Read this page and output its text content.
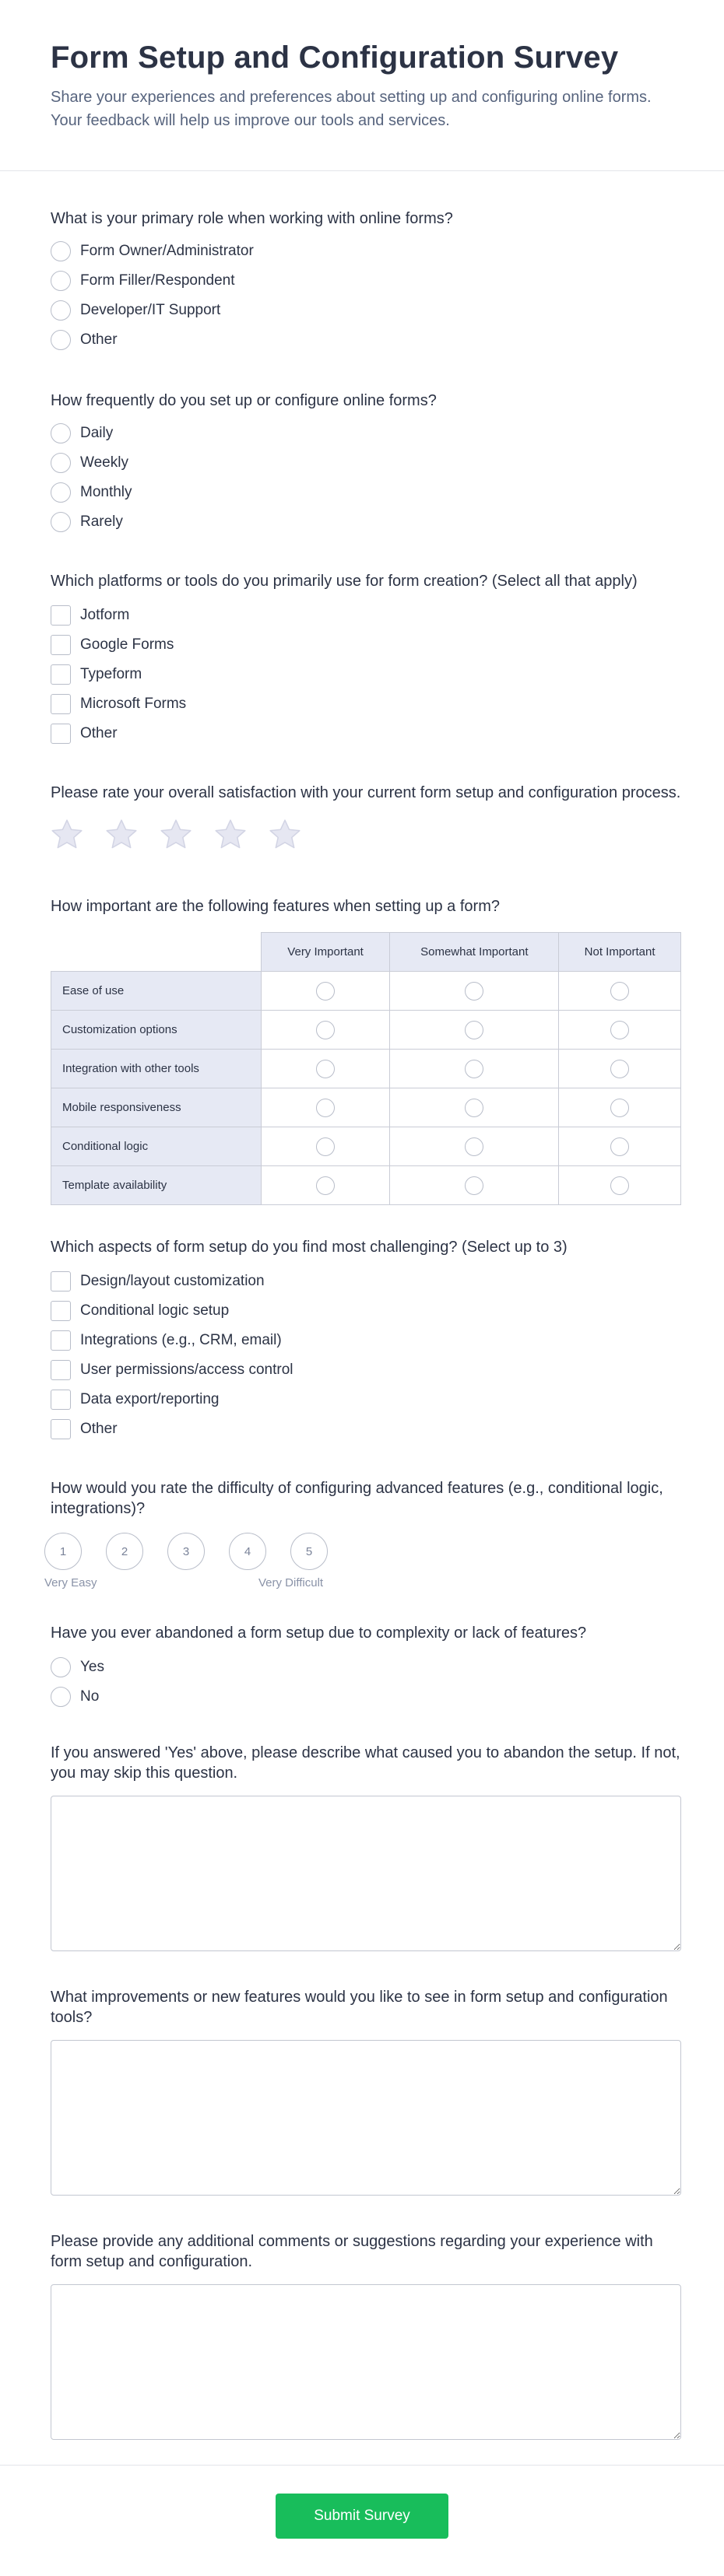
Form Setup and Configuration Survey

Share your experiences and preferences about setting up and configuring online forms. Your feedback will help us improve our tools and services.

What is your primary role when working with online forms?
Form Owner/Administrator
Form Filler/Respondent
Developer/IT Support
Other
How frequently do you set up or configure online forms?
Daily
Weekly
Monthly
Rarely
Which platforms or tools do you primarily use for form creation? (Select all that apply)
Jotform
Google Forms
Typeform
Microsoft Forms
Other
Please rate your overall satisfaction with your current form setup and configuration process.
How important are the following features when setting up a form?
	Very Important	Somewhat Important	Not Important
Ease of use			
Customization options			
Integration with other tools			
Mobile responsiveness			
Conditional logic			
Template availability			
Which aspects of form setup do you find most challenging? (Select up to 3)
Design/layout customization
Conditional logic setup
Integrations (e.g., CRM, email)
User permissions/access control
Data export/reporting
Other
How would you rate the difficulty of configuring advanced features (e.g., conditional logic, integrations)?
1	2	3	4	5
Very Easy	Very Difficult
Have you ever abandoned a form setup due to complexity or lack of features?
Yes
No
If you answered 'Yes' above, please describe what caused you to abandon the setup. If not, you may skip this question.
What improvements or new features would you like to see in form setup and configuration tools?
Please provide any additional comments or suggestions regarding your experience with form setup and configuration.
Submit Survey
